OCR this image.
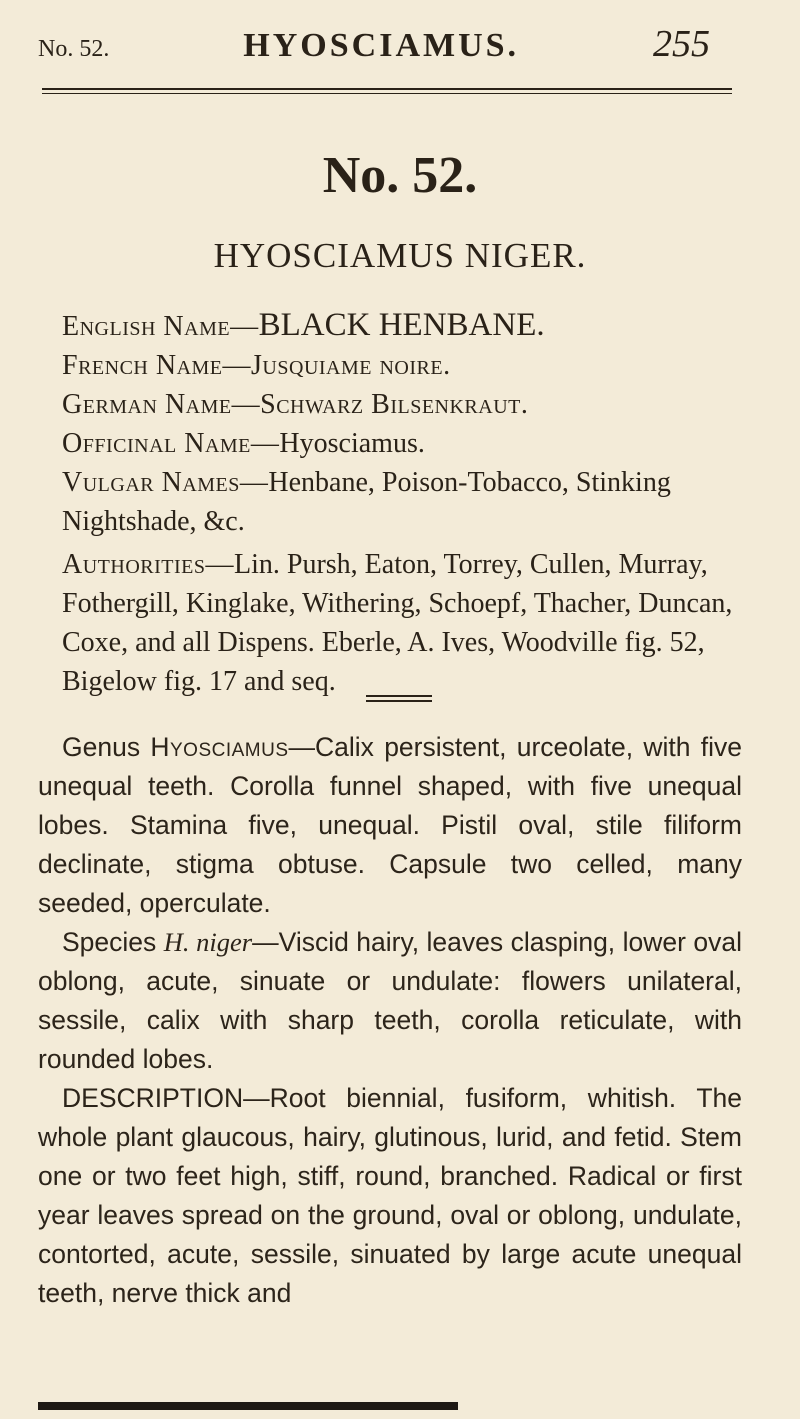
No. 52.	HYOSCIAMUS.	255
No. 52.
HYOSCIAMUS NIGER.

English Name—BLACK HENBANE.

French Name—Jusquiame noire.

German Name—Schwarz Bilsenkraut.

Officinal Name—Hyosciamus.

Vulgar Names—Henbane, Poison-Tobacco, Stinking Nightshade, &c.

Authorities—Lin. Pursh, Eaton, Torrey, Cullen, Murray, Fothergill, Kinglake, Withering, Schoepf, Thacher, Duncan, Coxe, and all Dispens. Eberle, A. Ives, Woodville fig. 52, Bigelow fig. 17 and seq.

Genus Hyosciamus—Calix persistent, urceolate, with five unequal teeth. Corolla funnel shaped, with five unequal lobes. Stamina five, unequal. Pistil oval, stile filiform declinate, stigma obtuse. Capsule two celled, many seeded, operculate.

Species H. niger—Viscid hairy, leaves clasping, lower oval oblong, acute, sinuate or undulate: flowers unilateral, sessile, calix with sharp teeth, corolla reticulate, with rounded lobes.

DESCRIPTION—Root biennial, fusiform, whitish. The whole plant glaucous, hairy, glutinous, lurid, and fetid. Stem one or two feet high, stiff, round, branched. Radical or first year leaves spread on the ground, oval or oblong, undulate, contorted, acute, sessile, sinuated by large acute unequal teeth, nerve thick and
